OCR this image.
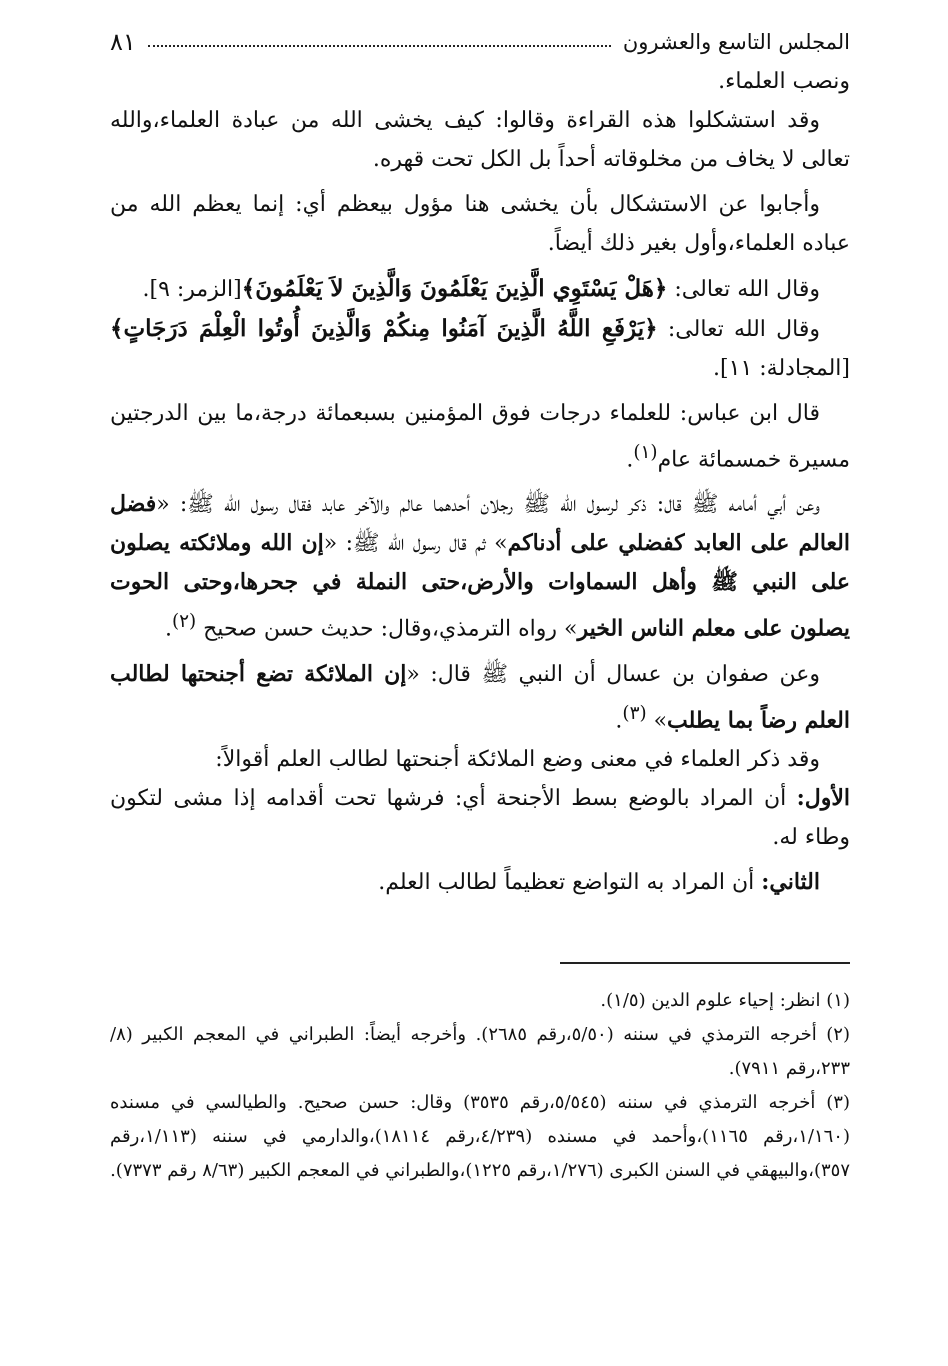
المجلس التاسع والعشرون
٨١

ونصب العلماء.

وقد استشكلوا هذه القراءة وقالوا: كيف يخشى الله من عبادة العلماء،والله تعالى لا يخاف من مخلوقاته أحداً بل الكل تحت قهره.

وأجابوا عن الاستشكال بأن يخشى هنا مؤول بيعظم أي: إنما يعظم الله من عباده العلماء،وأول بغير ذلك أيضاً.

وقال الله تعالى: ﴿هَلْ يَسْتَوِي الَّذِينَ يَعْلَمُونَ وَالَّذِينَ لاَ يَعْلَمُونَ﴾[الزمر: ٩].

وقال الله تعالى: ﴿يَرْفَعِ اللَّهُ الَّذِينَ آمَنُوا مِنكُمْ وَالَّذِينَ أُوتُوا الْعِلْمَ دَرَجَاتٍ﴾[المجادلة: ١١].

قال ابن عباس: للعلماء درجات فوق المؤمنين بسبعمائة درجة،ما بين الدرجتين مسيرة خمسمائة عام$^{(١)}$.

وعن أبي أمامه ﷺ قال: ذكر لرسول الله ﷺ رجلان أحدهما عالم والآخر عابد فقال رسول الله ﷺ: «فضل العالم على العابد كفضلي على أدناكم» ثم قال رسول الله ﷺ: «إن الله وملائكته يصلون على النبي ﷺ وأهل السماوات والأرض،حتى النملة في جحرها،وحتى الحوت يصلون على معلم الناس الخير» رواه الترمذي،وقال: حديث حسن صحيح $^{(٢)}$.

وعن صفوان بن عسال أن النبي ﷺ قال: «إن الملائكة تضع أجنحتها لطالب العلم رضاً بما يطلب» $^{(٣)}$.

وقد ذكر العلماء في معنى وضع الملائكة أجنحتها لطالب العلم أقوالاً:

الأول: أن المراد بالوضع بسط الأجنحة أي: فرشها تحت أقدامه إذا مشى لتكون وطاء له.

الثاني: أن المراد به التواضع تعظيماً لطالب العلم.

(١) انظر: إحياء علوم الدين (١/٥).

(٢) أخرجه الترمذي في سننه (٥/٥٠،رقم ٢٦٨٥). وأخرجه أيضاً: الطبراني في المعجم الكبير (٨/ ٢٣٣،رقم ٧٩١١).

(٣) أخرجه الترمذي في سننه (٥/٥٤٥،رقم ٣٥٣٥) وقال: حسن صحيح. والطيالسي في مسنده (١/١٦٠،رقم ١١٦٥)،وأحمد في مسنده (٤/٢٣٩،رقم ١٨١١٤)،والدارمي في سننه (١/١١٣،رقم ٣٥٧)،والبيهقي في السنن الكبرى (١/٢٧٦،رقم ١٢٢٥)،والطبراني في المعجم الكبير (٨/٦٣ رقم ٧٣٧٣).
